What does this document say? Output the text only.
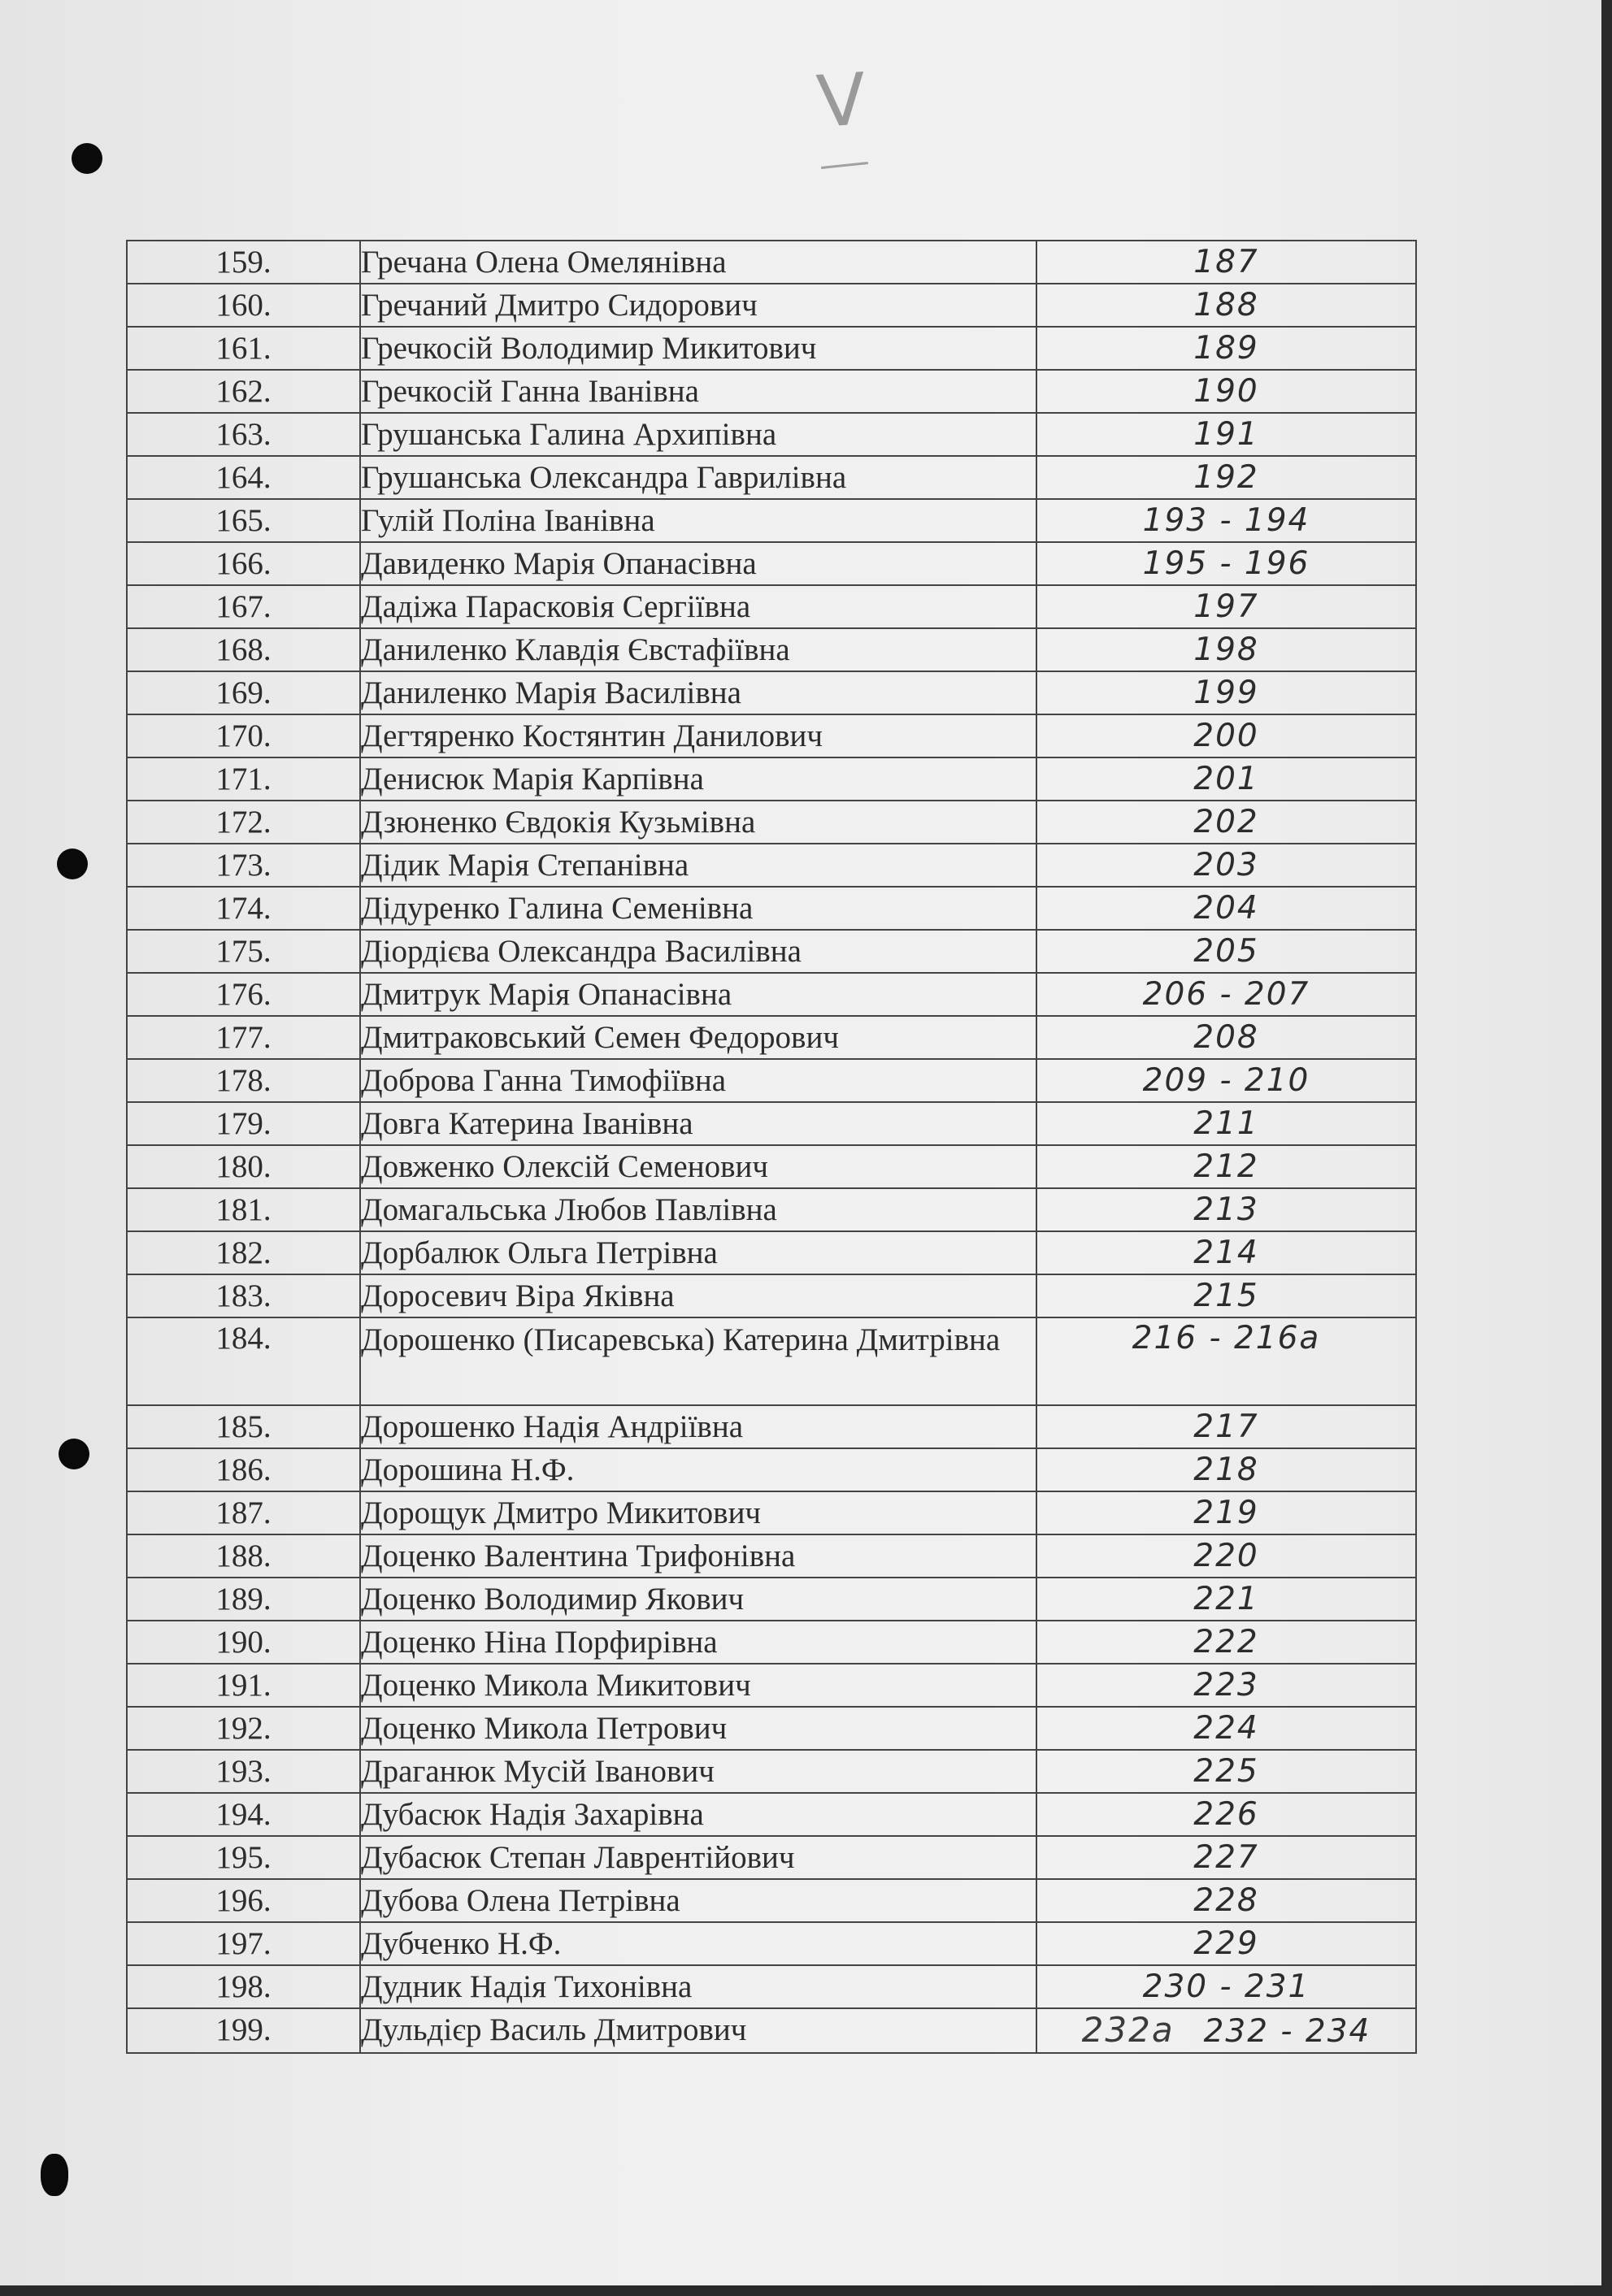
V
159.	Гречана Олена Омелянівна	187
160.	Гречаний Дмитро Сидорович	188
161.	Гречкосій Володимир Микитович	189
162.	Гречкосій Ганна Іванівна	190
163.	Грушанська Галина Архипівна	191
164.	Грушанська Олександра Гаврилівна	192
165.	Гулій Поліна Іванівна	193 - 194
166.	Давиденко Марія Опанасівна	195 - 196
167.	Дадіжа Парасковія Сергіївна	197
168.	Даниленко Клавдія Євстафіївна	198
169.	Даниленко Марія Василівна	199
170.	Дегтяренко Костянтин Данилович	200
171.	Денисюк Марія Карпівна	201
172.	Дзюненко Євдокія Кузьмівна	202
173.	Дідик Марія Степанівна	203
174.	Дідуренко Галина Семенівна	204
175.	Діордієва Олександра Василівна	205
176.	Дмитрук Марія Опанасівна	206 - 207
177.	Дмитраковський Семен Федорович	208
178.	Доброва Ганна Тимофіївна	209 - 210
179.	Довга Катерина Іванівна	211
180.	Довженко Олексій Семенович	212
181.	Домагальська Любов Павлівна	213
182.	Дорбалюк Ольга Петрівна	214
183.	Доросевич Віра Яківна	215
184.	Дорошенко (Писаревська) Катерина Дмитрівна	216 - 216а
185.	Дорошенко Надія Андріївна	217
186.	Дорошина Н.Ф.	218
187.	Дорощук Дмитро Микитович	219
188.	Доценко Валентина Трифонівна	220
189.	Доценко Володимир Якович	221
190.	Доценко Ніна Порфирівна	222
191.	Доценко Микола Микитович	223
192.	Доценко Микола Петрович	224
193.	Драганюк Мусій Іванович	225
194.	Дубасюк Надія Захарівна	226
195.	Дубасюк Степан Лаврентійович	227
196.	Дубова Олена Петрівна	228
197.	Дубченко Н.Ф.	229
198.	Дудник Надія Тихонівна	230 - 231
199.	Дульдієр Василь Дмитрович	232а 232 - 234
